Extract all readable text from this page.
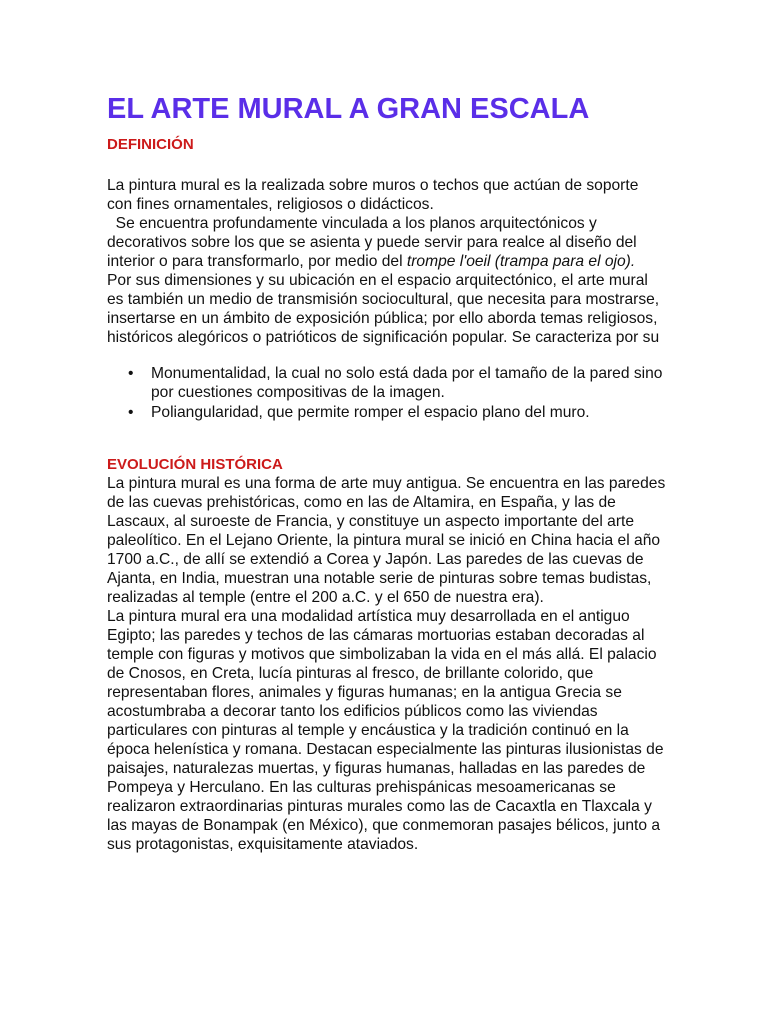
EL ARTE MURAL A GRAN ESCALA
DEFINICIÓN

La pintura mural es la realizada sobre muros o techos que actúan de soporte con fines ornamentales, religiosos o didácticos.

Se encuentra profundamente vinculada a los planos arquitectónicos y decorativos sobre los que se asienta y puede servir para realce al diseño del interior o para transformarlo, por medio del trompe l'oeil (trampa para el ojo).

Por sus dimensiones y su ubicación en el espacio arquitectónico, el arte mural es también un medio de transmisión sociocultural, que necesita para mostrarse, insertarse en un ámbito de exposición pública; por ello aborda temas religiosos, históricos alegóricos o patrióticos de significación popular. Se caracteriza por su

• Monumentalidad, la cual no solo está dada por el tamaño de la pared sino por cuestiones compositivas de la imagen.
• Poliangularidad, que permite romper el espacio plano del muro.
EVOLUCIÓN HISTÓRICA

La pintura mural es una forma de arte muy antigua. Se encuentra en las paredes de las cuevas prehistóricas, como en las de Altamira, en España, y las de Lascaux, al suroeste de Francia, y constituye un aspecto importante del arte paleolítico. En el Lejano Oriente, la pintura mural se inició en China hacia el año 1700 a.C., de allí se extendió a Corea y Japón. Las paredes de las cuevas de Ajanta, en India, muestran una notable serie de pinturas sobre temas budistas, realizadas al temple (entre el 200 a.C. y el 650 de nuestra era).

La pintura mural era una modalidad artística muy desarrollada en el antiguo Egipto; las paredes y techos de las cámaras mortuorias estaban decoradas al temple con figuras y motivos que simbolizaban la vida en el más allá. El palacio de Cnosos, en Creta, lucía pinturas al fresco, de brillante colorido, que representaban flores, animales y figuras humanas; en la antigua Grecia se acostumbraba a decorar tanto los edificios públicos como las viviendas particulares con pinturas al temple y encáustica y la tradición continuó en la época helenística y romana. Destacan especialmente las pinturas ilusionistas de paisajes, naturalezas muertas, y figuras humanas, halladas en las paredes de Pompeya y Herculano. En las culturas prehispánicas mesoamericanas se realizaron extraordinarias pinturas murales como las de Cacaxtla en Tlaxcala y las mayas de Bonampak (en México), que conmemoran pasajes bélicos, junto a sus protagonistas, exquisitamente ataviados.
